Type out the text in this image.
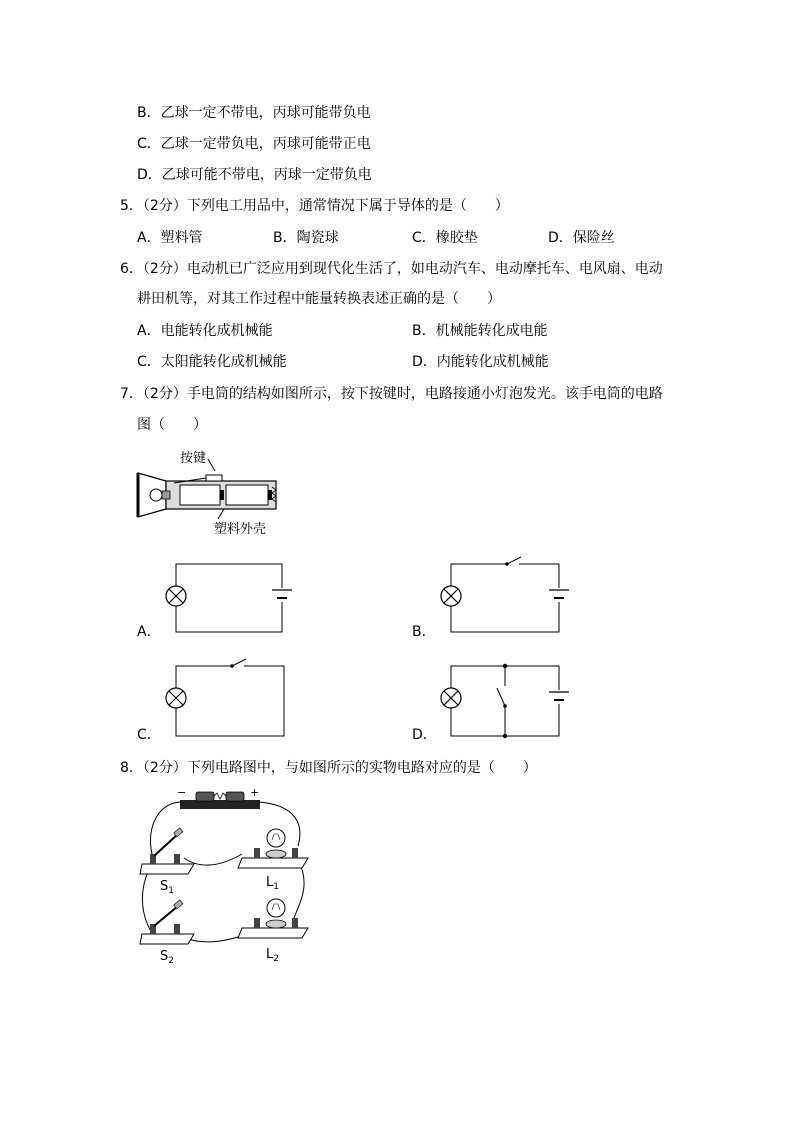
B．乙球一定不带电，丙球可能带负电
C．乙球一定带负电，丙球可能带正电
D．乙球可能不带电，丙球一定带负电
5．（2分）下列电工用品中，通常情况下属于导体的是（　　）
A．塑料管	B．陶瓷球	C．橡胶垫	D．保险丝
6．（2分）电动机已广泛应用到现代化生活了，如电动汽车、电动摩托车、电风扇、电动
耕田机等，对其工作过程中能量转换表述正确的是（　　）
A．电能转化成机械能	B．机械能转化成电能
C．太阳能转化成机械能	D．内能转化成机械能
7．（2分）手电筒的结构如图所示，按下按键时，电路接通小灯泡发光。该手电筒的电路
图（　　）
按键
塑料外壳
A．	B．
C．	D．
8．（2分）下列电路图中，与如图所示的实物电路对应的是（　　）
−	+
$S_1$
$L_1$
$S_2$	$L_2$
